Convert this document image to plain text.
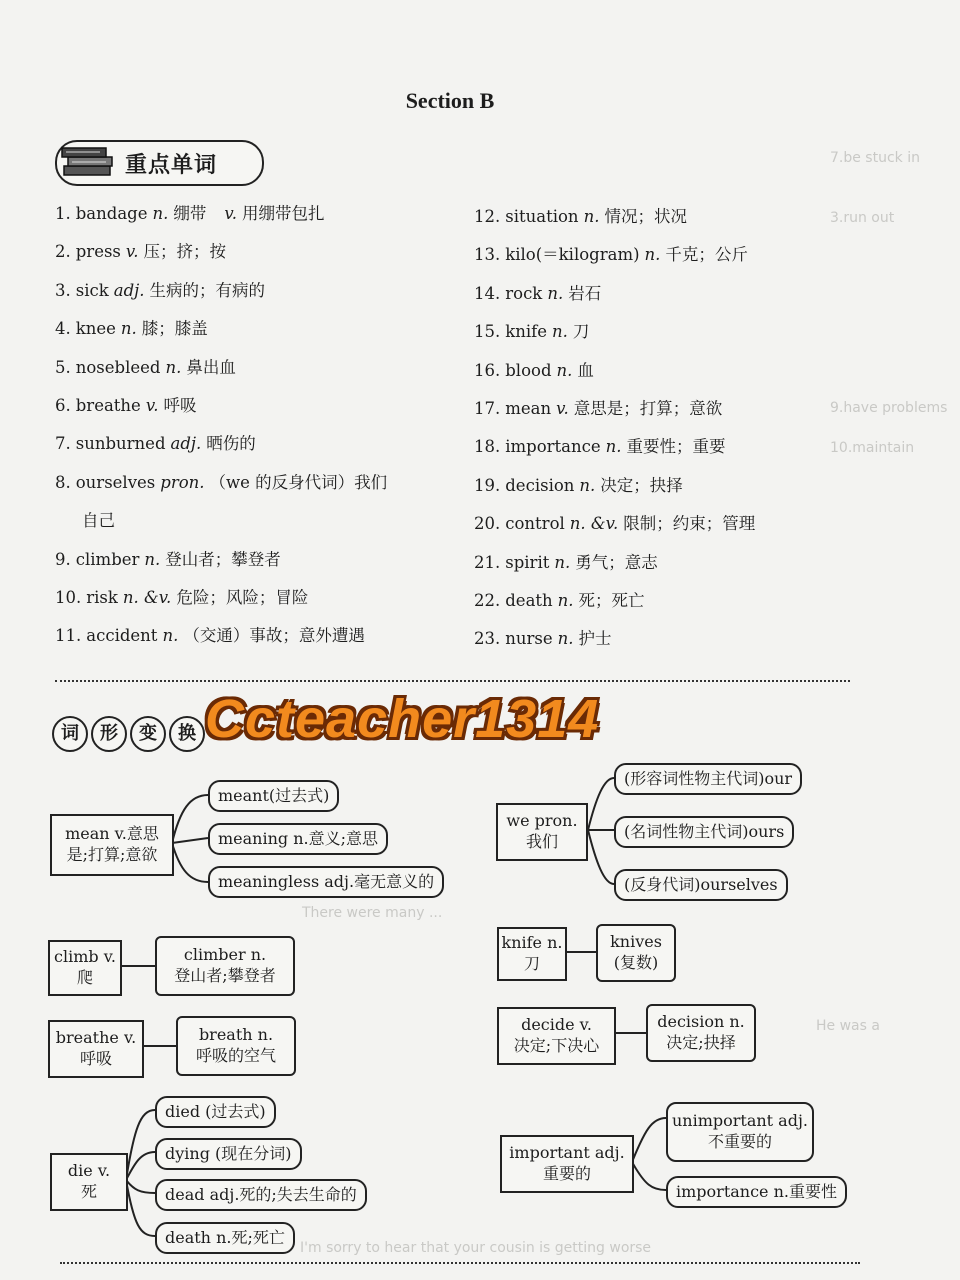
7.be stuck in
3.run out
9.have problems
10.maintain
There were many ...
He was a
I'm sorry to hear that your cousin is getting worse
Section B
重点单词
1. bandage n. 绷带 v. 用绷带包扎
2. press v. 压；挤；按
3. sick adj. 生病的；有病的
4. knee n. 膝；膝盖
5. nosebleed n. 鼻出血
6. breathe v. 呼吸
7. sunburned adj. 晒伤的
8. ourselves pron. （we 的反身代词）我们
自己
9. climber n. 登山者；攀登者
10. risk n. &v. 危险；风险；冒险
11. accident n. （交通）事故；意外遭遇
12. situation n. 情况；状况
13. kilo(＝kilogram) n. 千克；公斤
14. rock n. 岩石
15. knife n. 刀
16. blood n. 血
17. mean v. 意思是；打算；意欲
18. importance n. 重要性；重要
19. decision n. 决定；抉择
20. control n. &v. 限制；约束；管理
21. spirit n. 勇气；意志
22. death n. 死；死亡
23. nurse n. 护士
词	形	变	换 Ccteacher1314
mean v.意思
是;打算;意欲
meant(过去式)
meaning n.意义;意思
meaningless adj.毫无意义的
we pron.
我们
(形容词性物主代词)our
(名词性物主代词)ours
(反身代词)ourselves
climb v.
爬
climber n.
登山者;攀登者
knife n.
刀
knives
(复数)
breathe v.
呼吸
breath n.
呼吸的空气
decide v.
决定;下决心
decision n.
决定;抉择
die v.
死
died (过去式)
dying (现在分词)
dead adj.死的;失去生命的
death n.死;死亡
important adj.
重要的
unimportant adj.
不重要的
importance n.重要性
